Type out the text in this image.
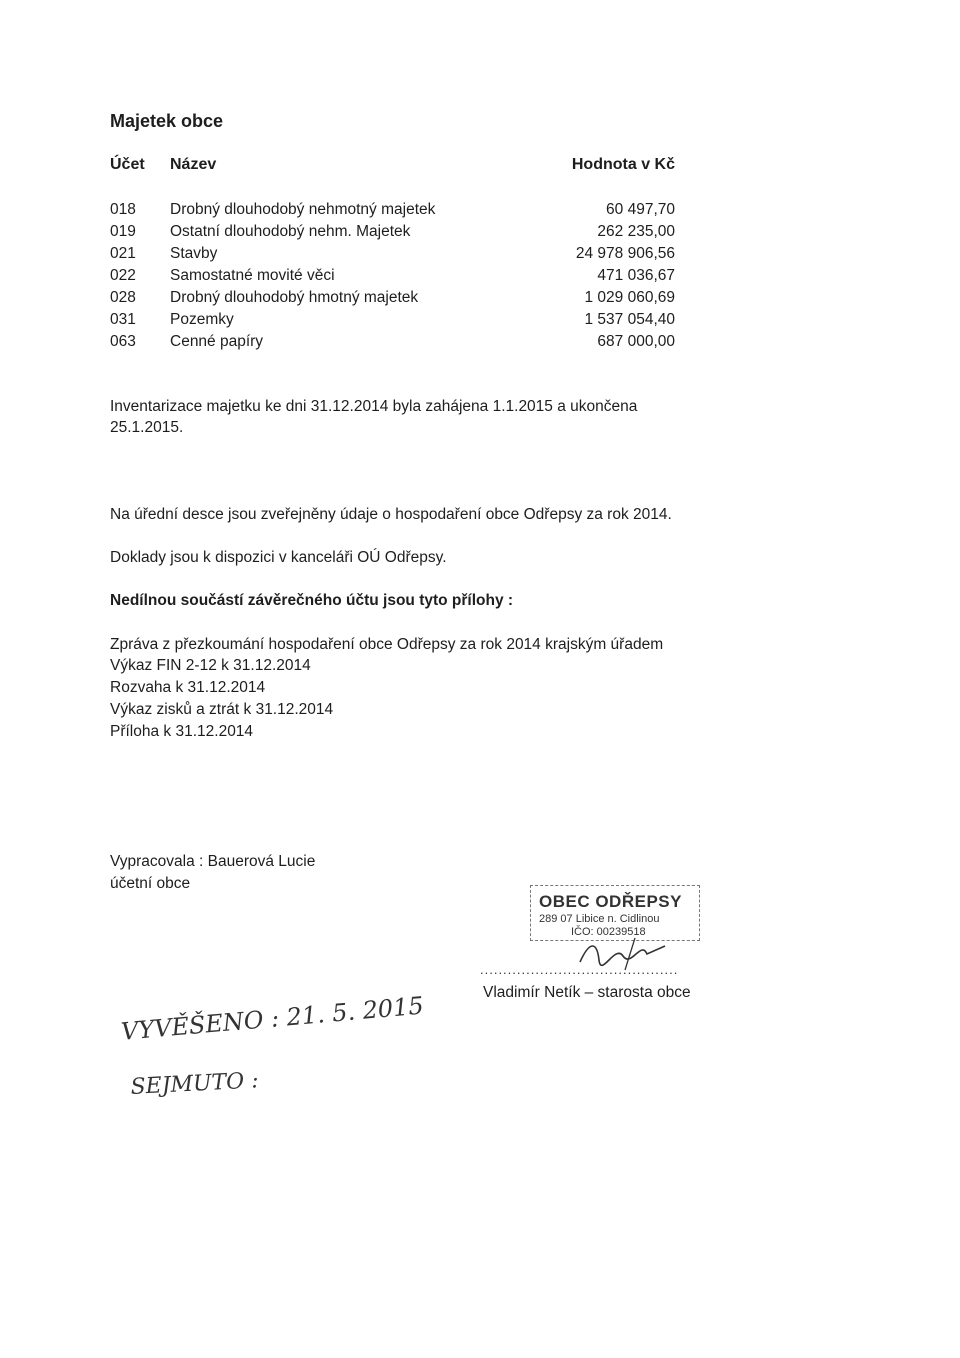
Majetek obce
Účet Název	Hodnota v Kč
018 Drobný dlouhodobý nehmotný majetek	60 497,70
019 Ostatní dlouhodobý nehm. Majetek	262 235,00
021 Stavby	24 978 906,56
022 Samostatné movité věci	471 036,67
028 Drobný dlouhodobý hmotný majetek	1 029 060,69
031 Pozemky	1 537 054,40
063 Cenné papíry	687 000,00
Inventarizace majetku ke dni 31.12.2014 byla zahájena 1.1.2015 a ukončena
25.1.2015.
Na úřední desce jsou zveřejněny údaje o hospodaření obce Odřepsy za rok 2014.
Doklady jsou k dispozici v kanceláři OÚ Odřepsy.
Nedílnou součástí závěrečného účtu jsou tyto přílohy :
Zpráva z přezkoumání hospodaření obce Odřepsy za rok 2014 krajským úřadem
Výkaz FIN 2-12 k 31.12.2014
Rozvaha k 31.12.2014
Výkaz zisků a ztrát k 31.12.2014
Příloha k 31.12.2014
Vypracovala : Bauerová Lucie
účetní obce
OBEC ODŘEPSY
289 07 Libice n. Cidlinou
IČO: 00239518
...........................................
Vladimír Netík – starosta obce
VYVĚŠENO : 21. 5. 2015
SEJMUTO :
